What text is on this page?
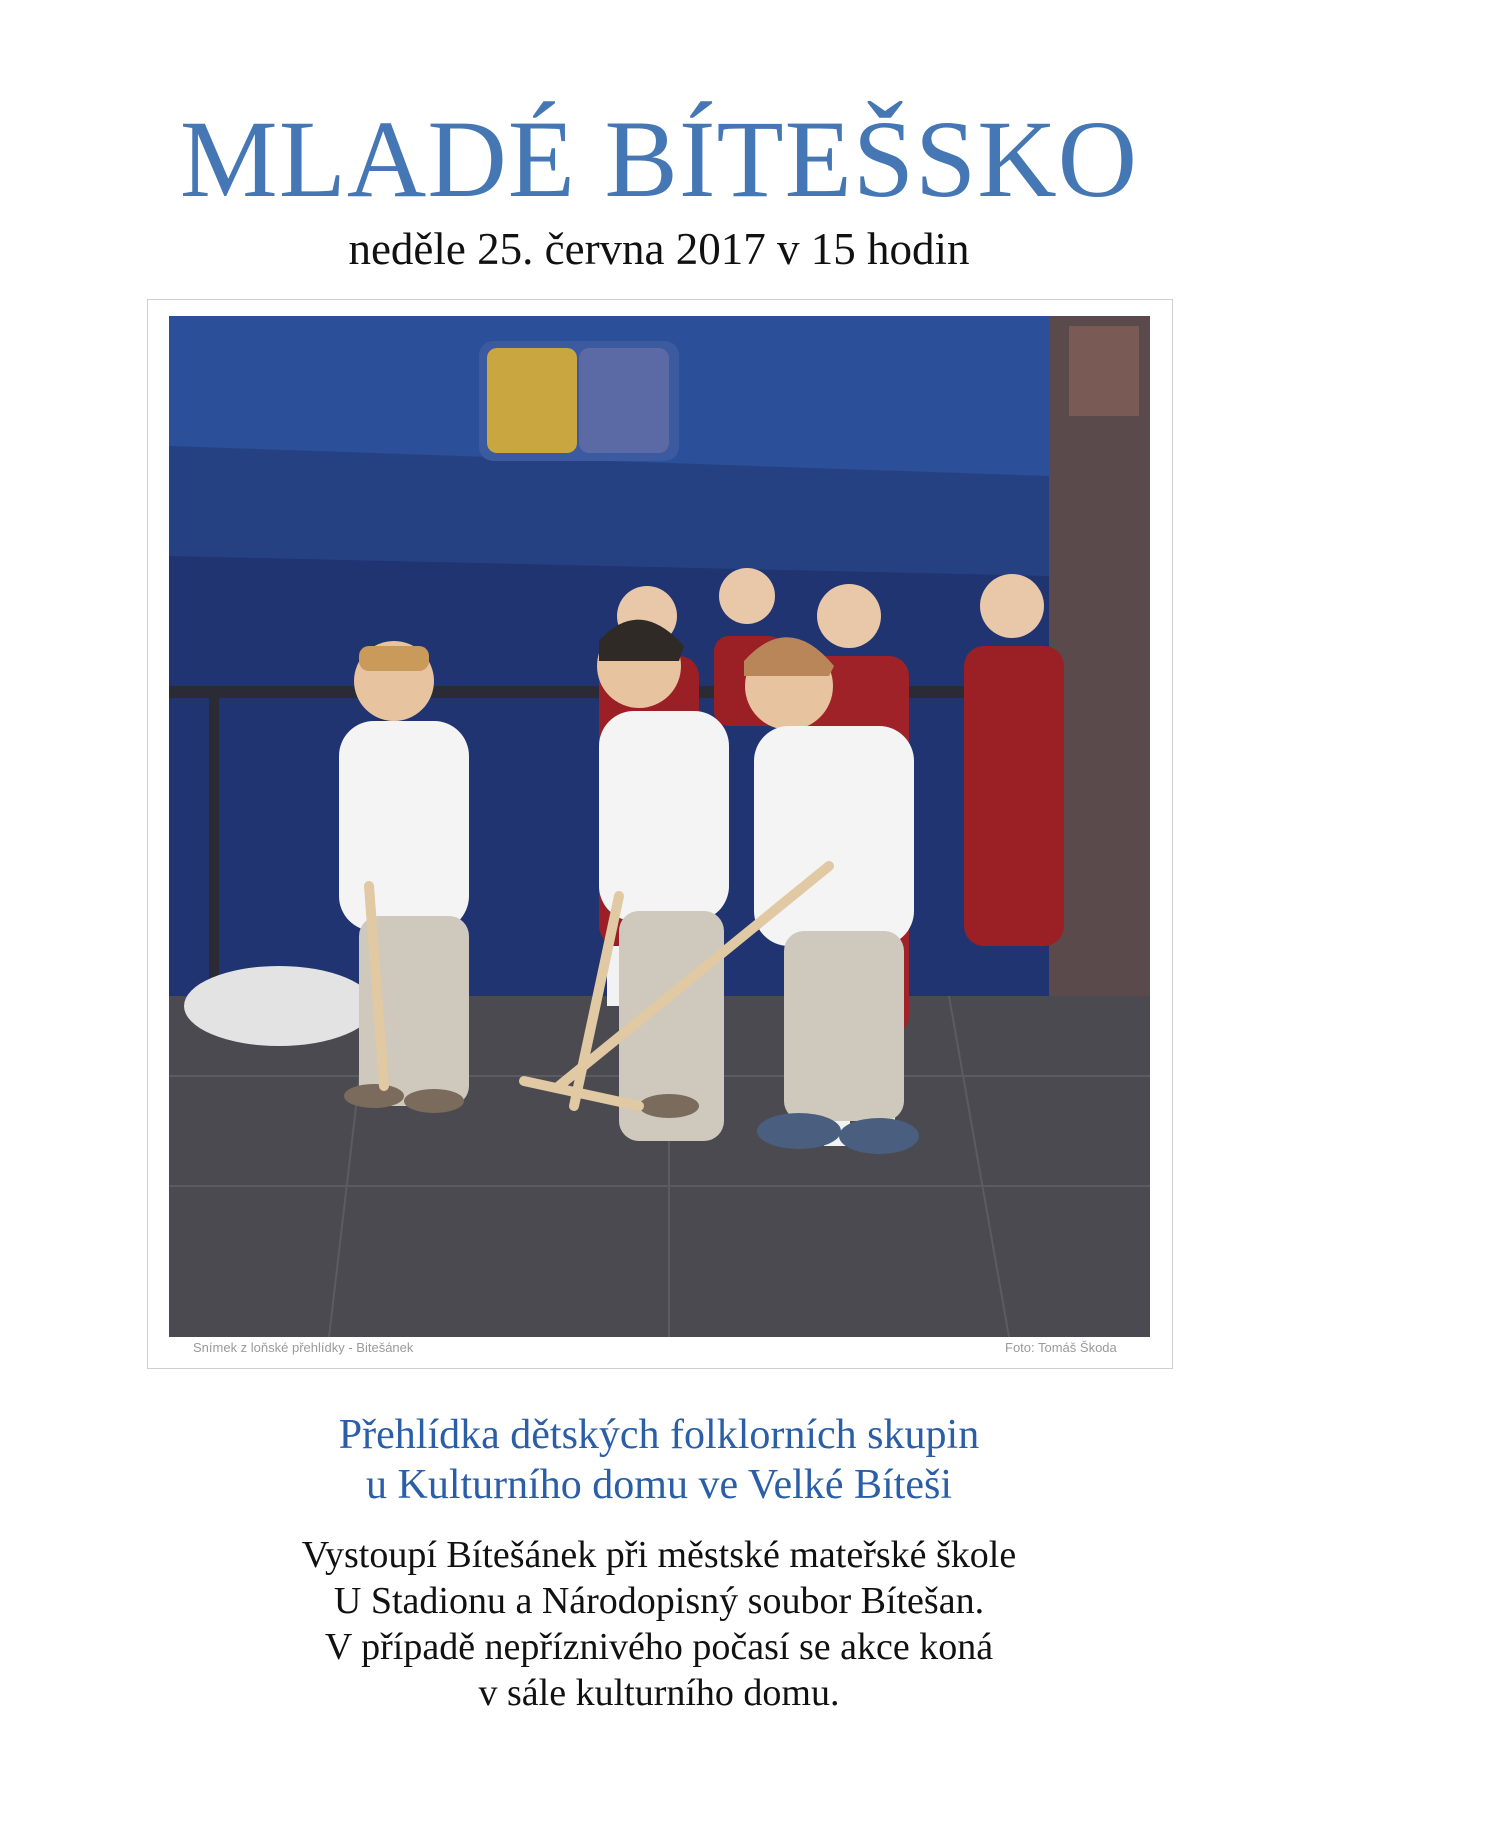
MLADÉ BÍTEŠSKO
neděle 25. června 2017 v 15 hodin
Snímek z loňské přehlídky - Bitešánek	Foto: Tomáš Škoda
Přehlídka dětských folklorních skupin
u Kulturního domu ve Velké Bíteši
Vystoupí Bítešánek při městské mateřské škole
U Stadionu a Národopisný soubor Bítešan.
V případě nepříznivého počasí se akce koná
v sále kulturního domu.
